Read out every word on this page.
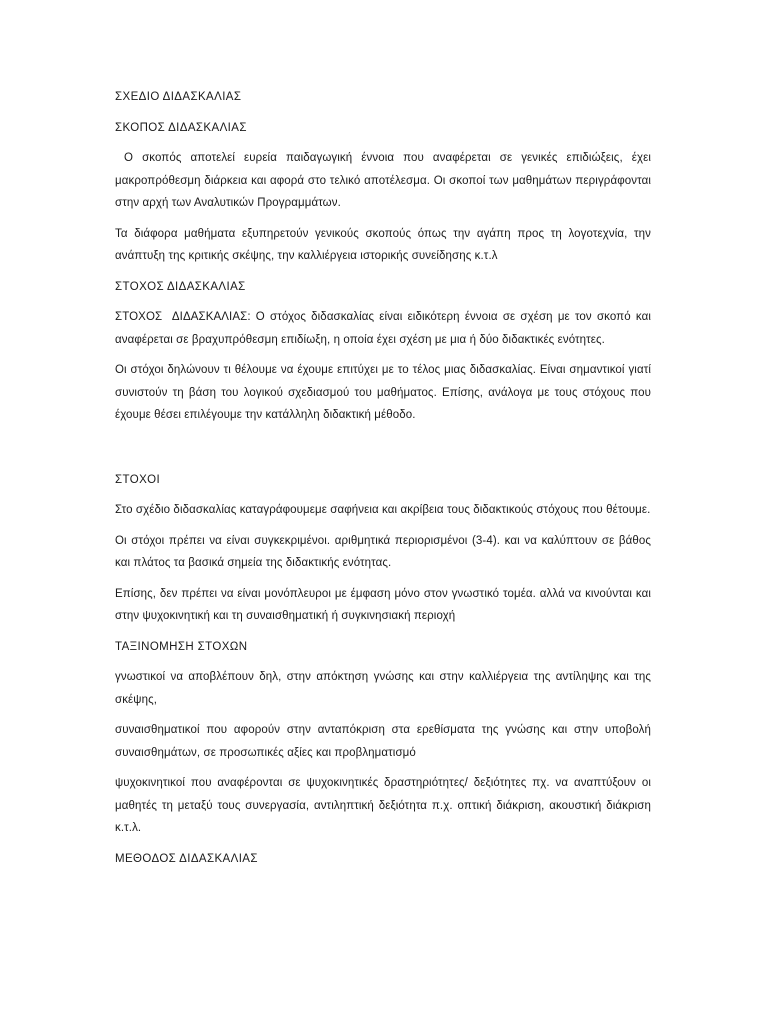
ΣΧΕΔΙΟ ΔΙΔΑΣΚΑΛΙΑΣ

ΣΚΟΠΟΣ ΔΙΔΑΣΚΑΛΙΑΣ

Ο σκοπός αποτελεί ευρεία παιδαγωγική έννοια που αναφέρεται σε γενικές επιδιώξεις, έχει μακροπρόθεσμη διάρκεια και αφορά στο τελικό αποτέλεσμα. Οι σκοποί των μαθημάτων περιγράφονται στην αρχή των Αναλυτικών Προγραμμάτων.

Τα διάφορα μαθήματα εξυπηρετούν γενικούς σκοπούς όπως την αγάπη προς τη λογοτεχνία, την ανάπτυξη της κριτικής σκέψης, την καλλιέργεια ιστορικής συνείδησης κ.τ.λ

ΣΤΟΧΟΣ ΔΙΔΑΣΚΑΛΙΑΣ

ΣΤΟΧΟΣ  ΔΙΔΑΣΚΑΛΙΑΣ: Ο στόχος διδασκαλίας είναι ειδικότερη έννοια σε σχέση με τον σκοπό και αναφέρεται σε βραχυπρόθεσμη επιδίωξη, η οποία έχει σχέση με μια ή δύο διδακτικές ενότητες.

Οι στόχοι δηλώνουν τι θέλουμε να έχουμε επιτύχει με το τέλος μιας διδασκαλίας. Είναι σημαντικοί γιατί συνιστούν τη βάση του λογικού σχεδιασμού του μαθήματος. Επίσης, ανάλογα με τους στόχους που έχουμε θέσει επιλέγουμε την κατάλληλη διδακτική μέθοδο.

ΣΤΟΧΟΙ

Στο σχέδιο διδασκαλίας καταγράφουμεμε σαφήνεια και ακρίβεια τους διδακτικούς στόχους που θέτουμε.

Οι στόχοι πρέπει να είναι συγκεκριμένοι. αριθμητικά περιορισμένοι (3-4). και να καλύπτουν σε βάθος και πλάτος τα βασικά σημεία της διδακτικής ενότητας.

Επίσης, δεν πρέπει να είναι μονόπλευροι με έμφαση μόνο στον γνωστικό τομέα. αλλά να κινούνται και στην ψυχοκινητική και τη συναισθηματική ή συγκινησιακή περιοχή

ΤΑΞΙΝΟΜΗΣΗ ΣΤΟΧΩΝ

γνωστικοί να αποβλέπουν δηλ, στην απόκτηση γνώσης και στην καλλιέργεια της αντίληψης και της σκέψης,

συναισθηματικοί που αφορούν στην ανταπόκριση στα ερεθίσματα της γνώσης και στην υποβολή συναισθημάτων, σε προσωπικές αξίες και προβληματισμό

ψυχοκινητικοί που αναφέρονται σε ψυχοκινητικές δραστηριότητες/ δεξιότητες πχ. να αναπτύξουν οι μαθητές τη μεταξύ τους συνεργασία, αντιληπτική δεξιότητα π.χ. οπτική διάκριση, ακουστική διάκριση κ.τ.λ.

ΜΕΘΟΔΟΣ ΔΙΔΑΣΚΑΛΙΑΣ
